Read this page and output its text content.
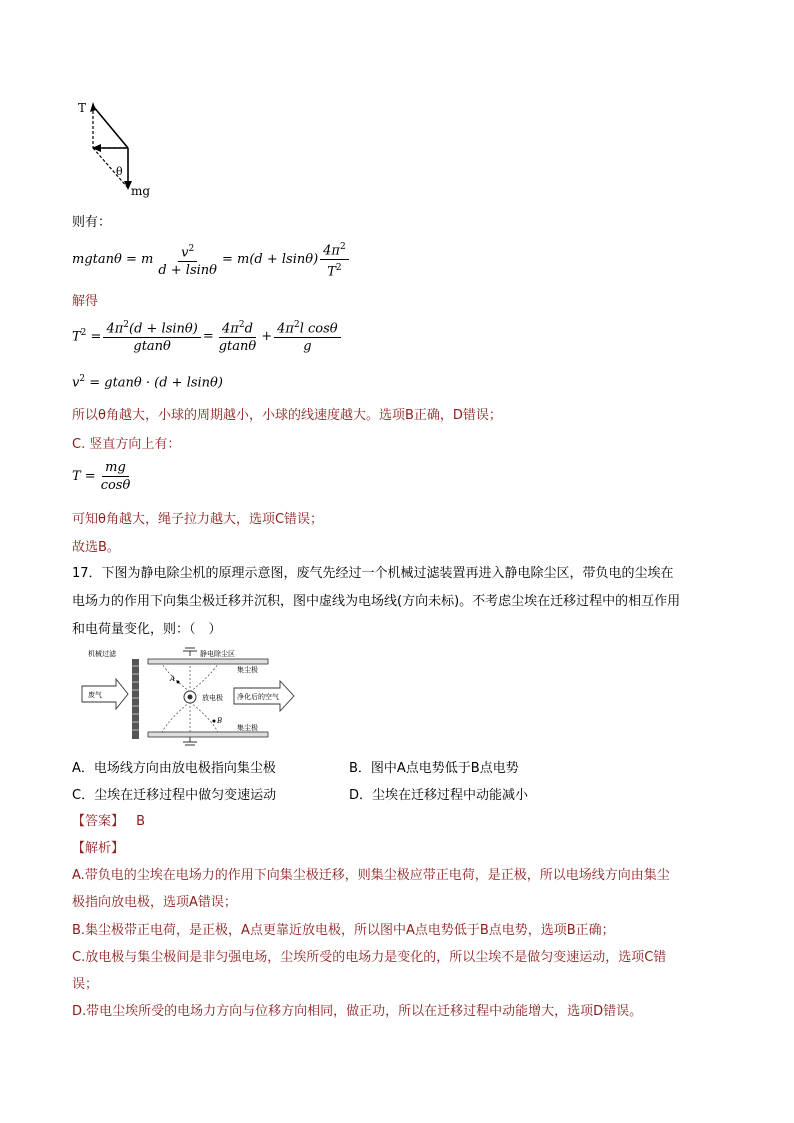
T
θ
mg
则有：
mgtanθ = m $\frac{v^2}{d + lsin\theta} = m(d + lsin\theta) \frac{4\pi^2}{T^2}$
解得
$T^2 = \frac{4\pi^2(d + lsin\theta)}{gtan\theta} = \frac{4\pi^2d}{gtan\theta} + \frac{4\pi^2l \cos\theta}{g}$
$v^2 = gtan\theta \cdot (d + lsin\theta)$
所以θ角越大，小球的周期越小，小球的线速度越大。选项B正确，D错误；
C. 竖直方向上有：
$T = \frac{mg}{\cos\theta}$
可知θ角越大，绳子拉力越大，选项C错误；
故选B。
17．下图为静电除尘机的原理示意图，废气先经过一个机械过滤装置再进入静电除尘区，带负电的尘埃在
电场力的作用下向集尘极迁移并沉积，图中虚线为电场线(方向未标)。不考虑尘埃在迁移过程中的相互作用
和电荷量变化，则：（　）
机械过滤	静电除尘区
集尘极
集尘极
放电极
A
B
废气	净化后的空气
A．电场线方向由放电极指向集尘极	B．图中A点电势低于B点电势
C．尘埃在迁移过程中做匀变速运动	D．尘埃在迁移过程中动能减小
【答案】 B
【解析】
A.带负电的尘埃在电场力的作用下向集尘极迁移，则集尘极应带正电荷，是正极，所以电场线方向由集尘
极指向放电极，选项A错误；
B.集尘极带正电荷，是正极，A点更靠近放电极，所以图中A点电势低于B点电势，选项B正确；
C.放电极与集尘极间是非匀强电场，尘埃所受的电场力是变化的，所以尘埃不是做匀变速运动，选项C错
误；
D.带电尘埃所受的电场力方向与位移方向相同，做正功，所以在迁移过程中动能增大，选项D错误。
